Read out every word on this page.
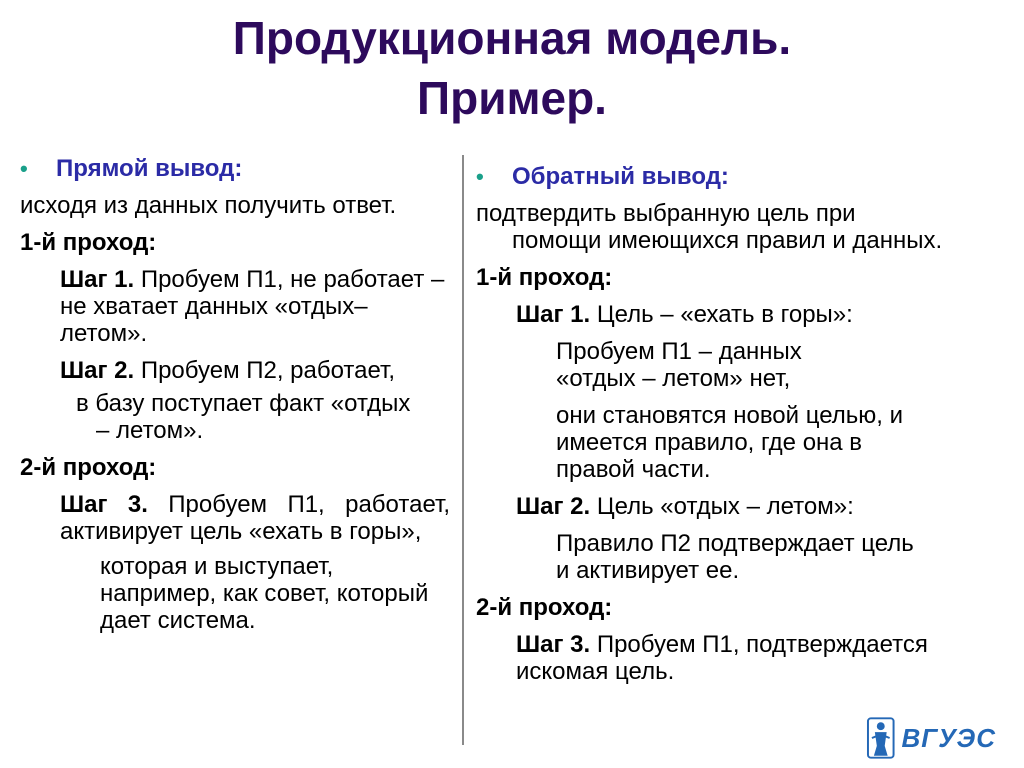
Продукционная модель.
Пример.
•	Прямой вывод:
исходя из данных получить ответ.
1-й проход:
Шаг 1. Пробуем П1, не работает – не хватает данных «отдых–летом».
Шаг 2. Пробуем П2, работает,
в базу поступает факт «отдых – летом».
2-й проход:
Шаг 3. Пробуем П1, работает, активирует цель «ехать в горы»,
которая и выступает, например, как совет, который дает система.
•	Обратный вывод:
подтвердить выбранную цель при помощи имеющихся правил и данных.
1-й проход:
Шаг 1. Цель – «ехать в горы»:
Пробуем П1 – данных «отдых – летом» нет,
они становятся новой целью, и имеется правило, где она в правой части.
Шаг 2. Цель «отдых – летом»:
Правило П2 подтверждает цель и активирует ее.
2-й проход:
Шаг 3. Пробуем П1, подтверждается искомая цель.
ВГУЭС
